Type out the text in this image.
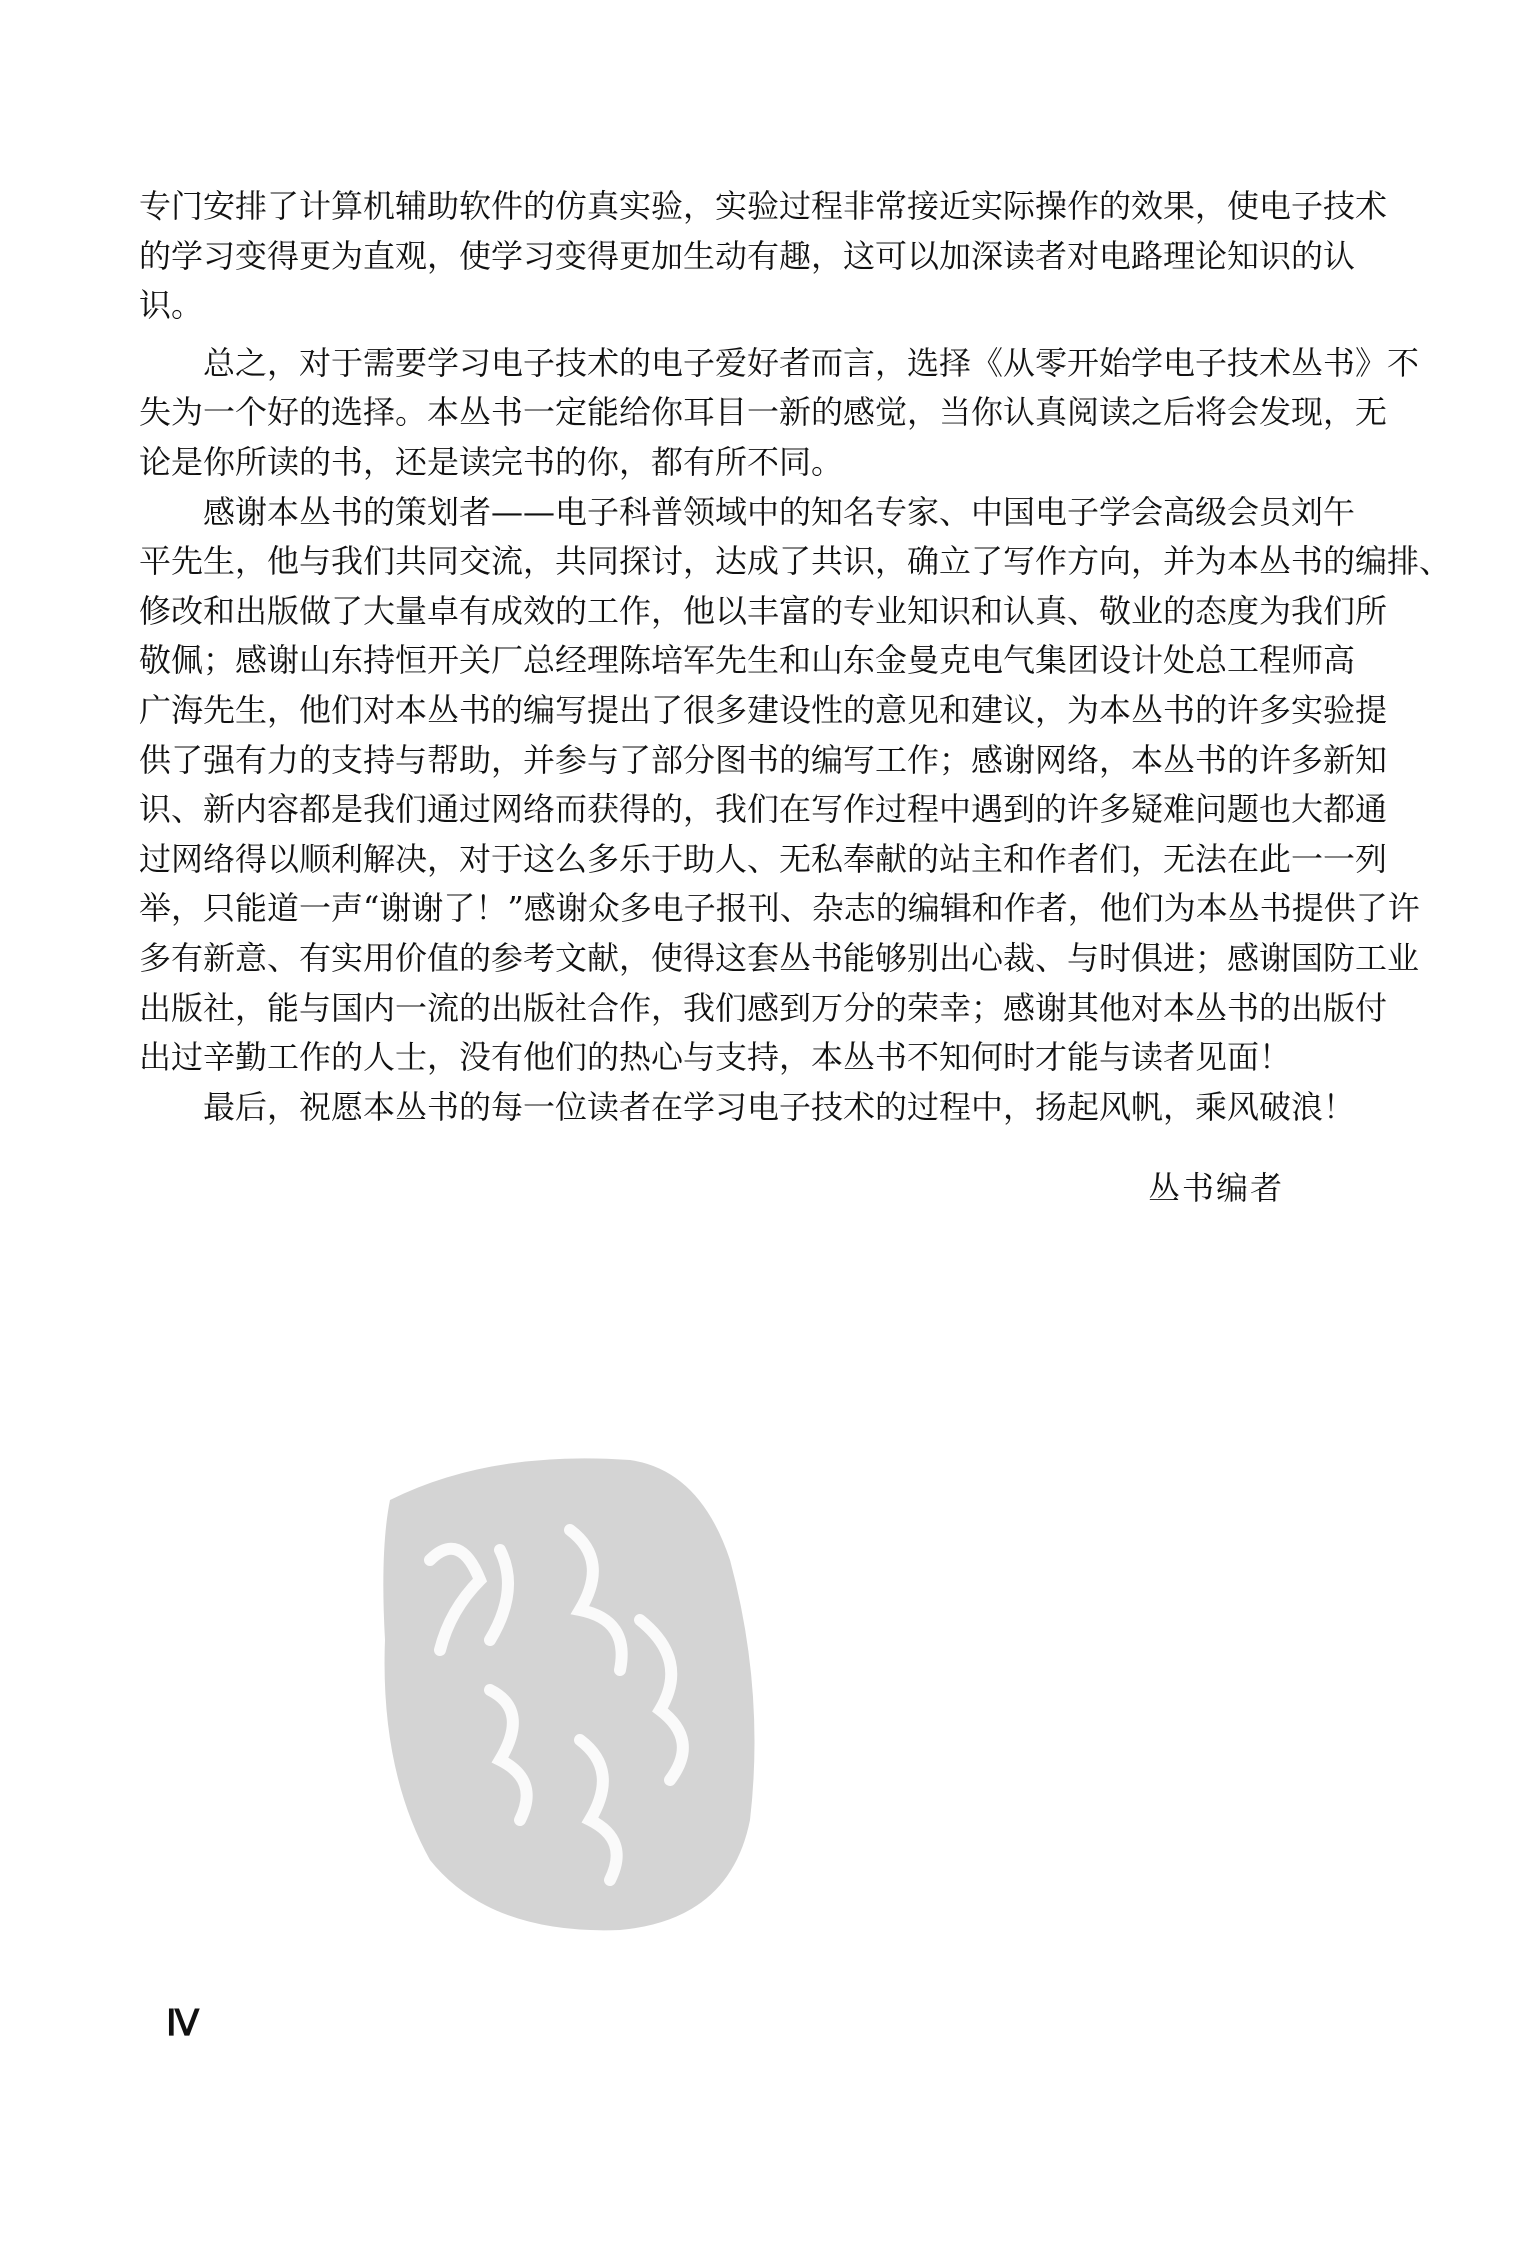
专门安排了计算机辅助软件的仿真实验，实验过程非常接近实际操作的效果，使电子技术
的学习变得更为直观，使学习变得更加生动有趣，这可以加深读者对电路理论知识的认
识。
总之，对于需要学习电子技术的电子爱好者而言，选择《从零开始学电子技术丛书》不
失为一个好的选择。本丛书一定能给你耳目一新的感觉，当你认真阅读之后将会发现，无
论是你所读的书，还是读完书的你，都有所不同。
感谢本丛书的策划者——电子科普领域中的知名专家、中国电子学会高级会员刘午
平先生，他与我们共同交流，共同探讨，达成了共识，确立了写作方向，并为本丛书的编排、
修改和出版做了大量卓有成效的工作，他以丰富的专业知识和认真、敬业的态度为我们所
敬佩；感谢山东持恒开关厂总经理陈培军先生和山东金曼克电气集团设计处总工程师高
广海先生，他们对本丛书的编写提出了很多建设性的意见和建议，为本丛书的许多实验提
供了强有力的支持与帮助，并参与了部分图书的编写工作；感谢网络，本丛书的许多新知
识、新内容都是我们通过网络而获得的，我们在写作过程中遇到的许多疑难问题也大都通
过网络得以顺利解决，对于这么多乐于助人、无私奉献的站主和作者们，无法在此一一列
举，只能道一声“谢谢了！”感谢众多电子报刊、杂志的编辑和作者，他们为本丛书提供了许
多有新意、有实用价值的参考文献，使得这套丛书能够别出心裁、与时俱进；感谢国防工业
出版社，能与国内一流的出版社合作，我们感到万分的荣幸；感谢其他对本丛书的出版付
出过辛勤工作的人士，没有他们的热心与支持，本丛书不知何时才能与读者见面！
最后，祝愿本丛书的每一位读者在学习电子技术的过程中，扬起风帆，乘风破浪！
丛书编者
Ⅳ
